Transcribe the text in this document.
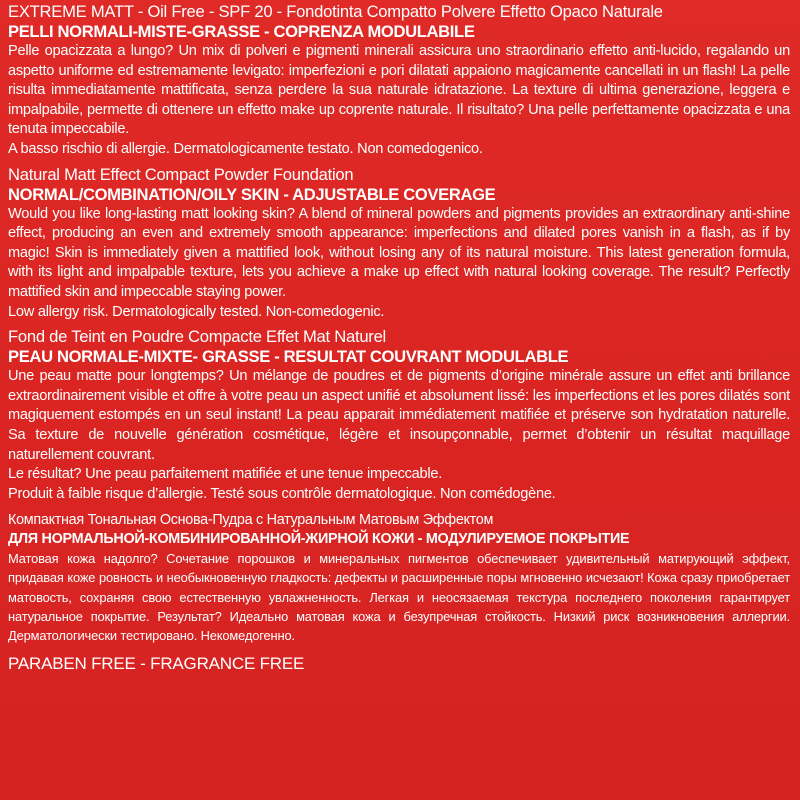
EXTREME MATT - Oil Free - SPF 20 - Fondotinta Compatto Polvere Effetto Opaco Naturale
PELLI NORMALI-MISTE-GRASSE - COPRENZA MODULABILE

Pelle opacizzata a lungo? Un mix di polveri e pigmenti minerali assicura uno straordinario effetto anti-lucido, regalando un aspetto uniforme ed estremamente levigato: imperfezioni e pori dilatati appaiono magicamente cancellati in un flash! La pelle risulta immediatamente mattificata, senza perdere la sua naturale idratazione. La texture di ultima generazione, leggera e impalpabile, permette di ottenere un effetto make up coprente naturale. Il risultato? Una pelle perfettamente opacizzata e una tenuta impeccabile.

A basso rischio di allergie. Dermatologicamente testato. Non comedogenico.

Natural Matt Effect Compact Powder Foundation
NORMAL/COMBINATION/OILY SKIN - ADJUSTABLE COVERAGE

Would you like long-lasting matt looking skin? A blend of mineral powders and pigments provides an extraordinary anti-shine effect, producing an even and extremely smooth appearance: imperfections and dilated pores vanish in a flash, as if by magic! Skin is immediately given a mattified look, without losing any of its natural moisture. This latest generation formula, with its light and impalpable texture, lets you achieve a make up effect with natural looking coverage. The result? Perfectly mattified skin and impeccable staying power.

Low allergy risk. Dermatologically tested. Non-comedogenic.

Fond de Teint en Poudre Compacte Effet Mat Naturel
PEAU NORMALE-MIXTE- GRASSE - RESULTAT COUVRANT MODULABLE

Une peau matte pour longtemps? Un mélange de poudres et de pigments d’origine minérale assure un effet anti brillance extraordinairement visible et offre à votre peau un aspect unifié et absolument lissé: les imperfections et les pores dilatés sont magiquement estompés en un seul instant! La peau apparait immédiatement matifiée et préserve son hydratation naturelle. Sa texture de nouvelle génération cosmétique, légère et insoupçonnable, permet d’obtenir un résultat maquillage naturellement couvrant.

Le résultat? Une peau parfaitement matifiée et une tenue impeccable.

Produit à faible risque d’allergie. Testé sous contrôle dermatologique. Non comédogène.

Компактная Тональная Основа-Пудра с Натуральным Матовым Эффектом
ДЛЯ НОРМАЛЬНОЙ-КОМБИНИРОВАННОЙ-ЖИРНОЙ КОЖИ - МОДУЛИРУЕМОЕ ПОКРЫТИЕ

Матовая кожа надолго? Сочетание порошков и минеральных пигментов обеспечивает удивительный матирующий эффект, придавая коже ровность и необыкновенную гладкость: дефекты и расширенные поры мгновенно исчезают! Кожа сразу приобретает матовость, сохраняя свою естественную увлажненность. Легкая и неосязаемая текстура последнего поколения гарантирует натуральное покрытие. Результат? Идеально матовая кожа и безупречная стойкость. Низкий риск возникновения аллергии. Дерматологически тестировано. Некомедогенно.

PARABEN FREE - FRAGRANCE FREE
